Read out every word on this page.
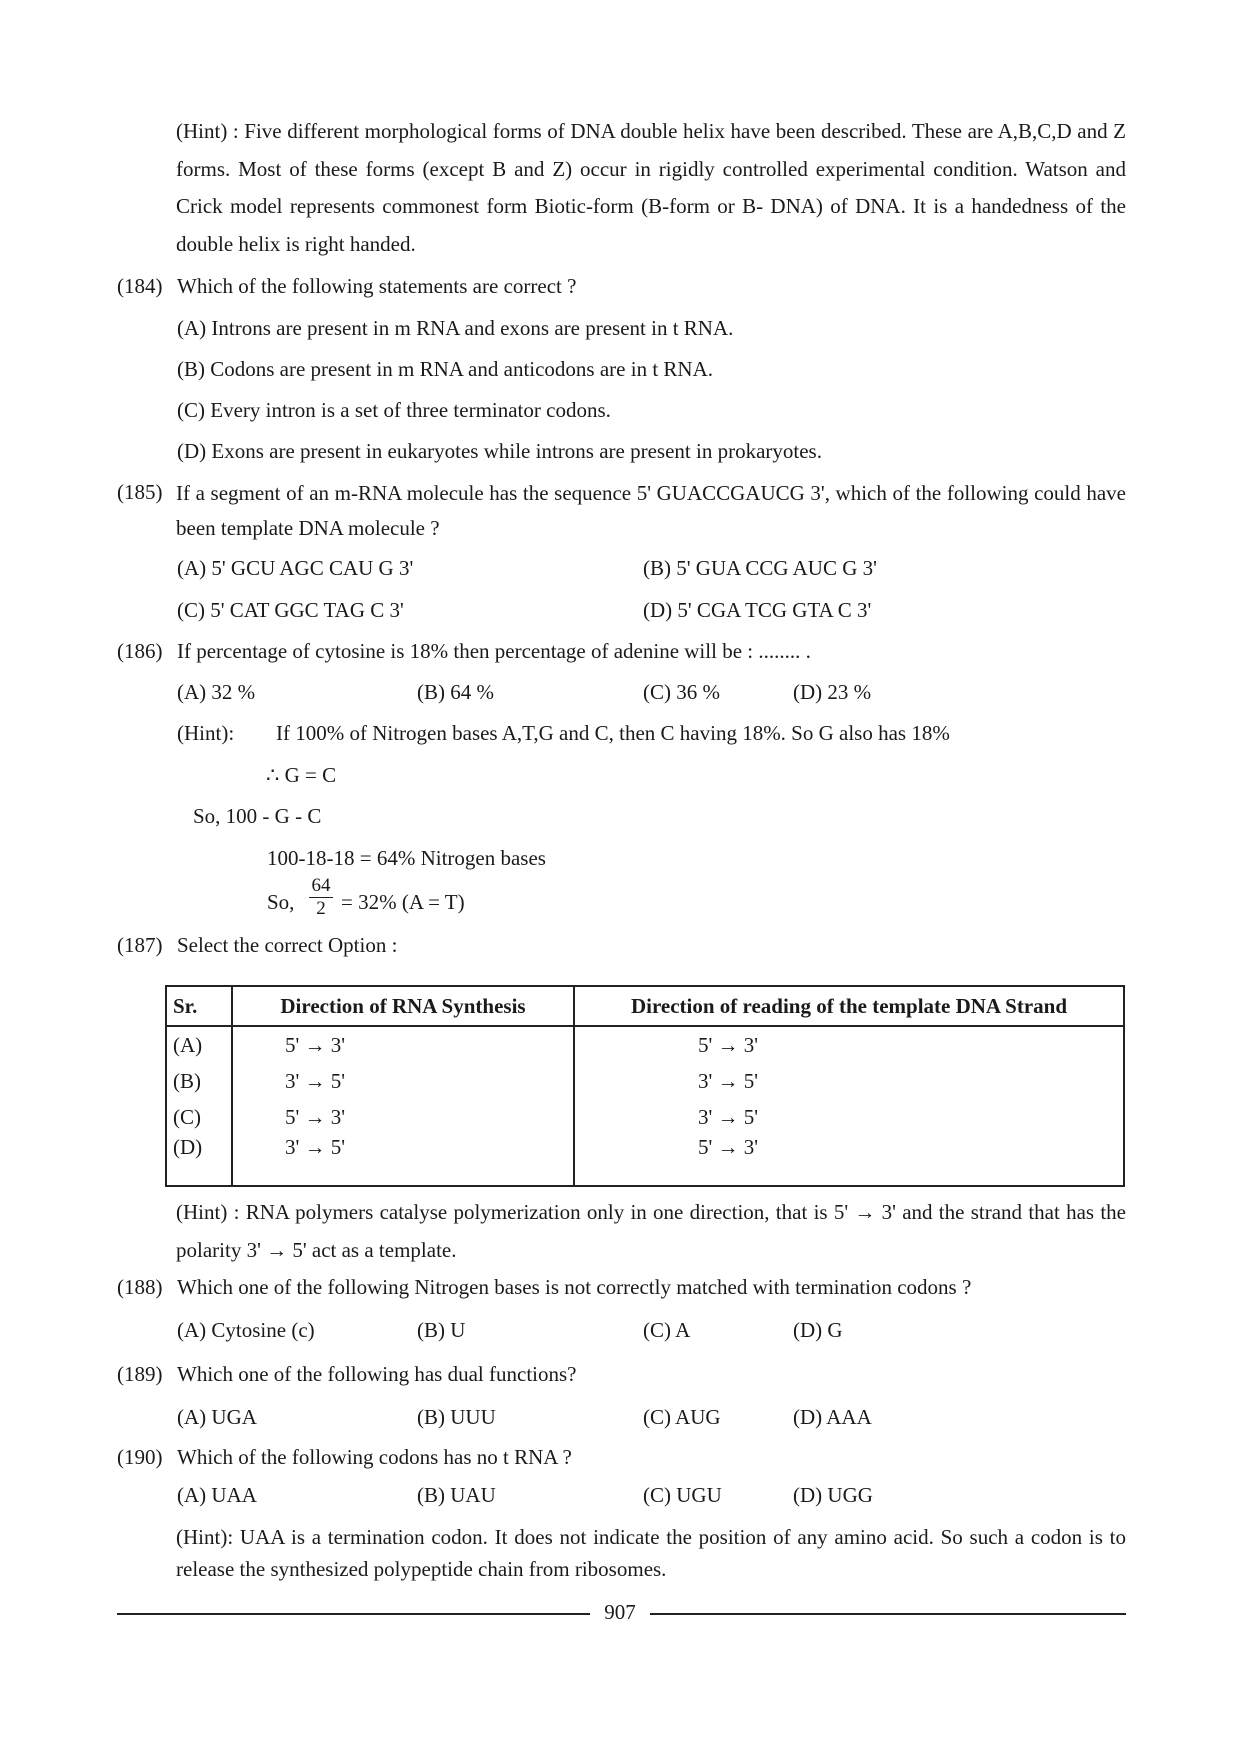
(Hint) : Five different morphological forms of DNA double helix have been described. These are A,B,C,D and Z forms. Most of these forms (except B and Z) occur in rigidly controlled experimental condition. Watson and Crick model represents commonest form Biotic-form (B-form or B- DNA) of DNA. It is a handedness of the double helix is right handed.
(184) Which of the following statements are correct ?
(A) Introns are present in m RNA and exons are present in t RNA.
(B) Codons are present in m RNA and anticodons are in t RNA.
(C) Every intron is a set of three terminator codons.
(D) Exons are present in eukaryotes while introns are present in prokaryotes.
(185) If a segment of an m-RNA molecule has the sequence 5' GUACCGAUCG 3', which of the following could have been template DNA molecule ?
(A) 5' GCU AGC CAU G 3'	(B) 5' GUA CCG AUC G 3'
(C) 5' CAT GGC TAG C 3'	(D) 5' CGA TCG GTA C 3'
(186) If percentage of cytosine is 18% then percentage of adenine will be : ........ .
(A) 32 %	(B) 64 %	(C) 36 %	(D) 23 %
(Hint): If 100% of Nitrogen bases A,T,G and C, then C having 18%. So G also has 18%
∴ G = C
So, 100 - G - C
100-18-18 = 64% Nitrogen bases
So, $\frac{64}{2} = 32\%$ (A = T)
(187) Select the correct Option :
Sr.	Direction of RNA Synthesis	Direction of reading of the template DNA Strand
(A)	5' → 3'	5' → 3'
(B)	3' → 5'	3' → 5'
(C)	5' → 3'	3' → 5'
(D)	3' → 5'	5' → 3'
(Hint) : RNA polymers catalyse polymerization only in one direction, that is 5' → 3' and the strand that has the polarity 3' → 5' act as a template.
(188) Which one of the following Nitrogen bases is not correctly matched with termination codons ?
(A) Cytosine (c)	(B) U	(C) A	(D) G
(189) Which one of the following has dual functions?
(A) UGA	(B) UUU	(C) AUG	(D) AAA
(190) Which of the following codons has no t RNA ?
(A) UAA	(B) UAU	(C) UGU	(D) UGG
(Hint): UAA is a termination codon. It does not indicate the position of any amino acid. So such a codon is to release the synthesized polypeptide chain from ribosomes.
907
